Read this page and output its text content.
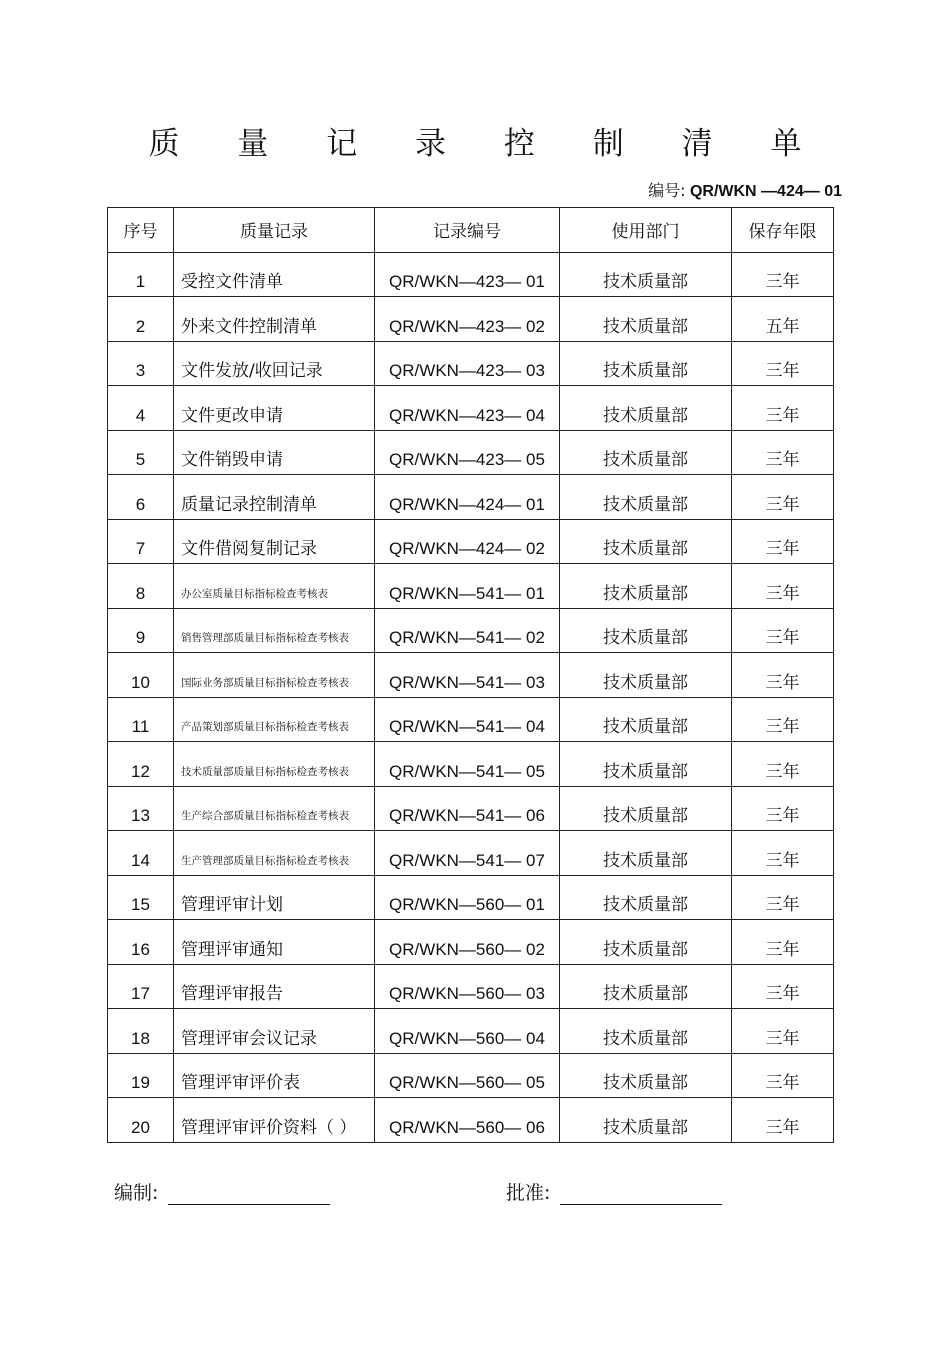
质 量 记 录 控 制 清 单
编号: QR/WKN —424— 01
序号	质量记录	记录编号	使用部门	保存年限
1	受控文件清单	QR/WKN—423— 01	技术质量部	三年
2	外来文件控制清单	QR/WKN—423— 02	技术质量部	五年
3	文件发放/收回记录	QR/WKN—423— 03	技术质量部	三年
4	文件更改申请	QR/WKN—423— 04	技术质量部	三年
5	文件销毁申请	QR/WKN—423— 05	技术质量部	三年
6	质量记录控制清单	QR/WKN—424— 01	技术质量部	三年
7	文件借阅复制记录	QR/WKN—424— 02	技术质量部	三年
8	办公室质量目标指标检查考核表	QR/WKN—541— 01	技术质量部	三年
9	销售管理部质量目标指标检查考核表	QR/WKN—541— 02	技术质量部	三年
10	国际业务部质量目标指标检查考核表	QR/WKN—541— 03	技术质量部	三年
11	产品策划部质量目标指标检查考核表	QR/WKN—541— 04	技术质量部	三年
12	技术质量部质量目标指标检查考核表	QR/WKN—541— 05	技术质量部	三年
13	生产综合部质量目标指标检查考核表	QR/WKN—541— 06	技术质量部	三年
14	生产管理部质量目标指标检查考核表	QR/WKN—541— 07	技术质量部	三年
15	管理评审计划	QR/WKN—560— 01	技术质量部	三年
16	管理评审通知	QR/WKN—560— 02	技术质量部	三年
17	管理评审报告	QR/WKN—560— 03	技术质量部	三年
18	管理评审会议记录	QR/WKN—560— 04	技术质量部	三年
19	管理评审评价表	QR/WKN—560— 05	技术质量部	三年
20	管理评审评价资料（ ）	QR/WKN—560— 06	技术质量部	三年
编制:	批准:
